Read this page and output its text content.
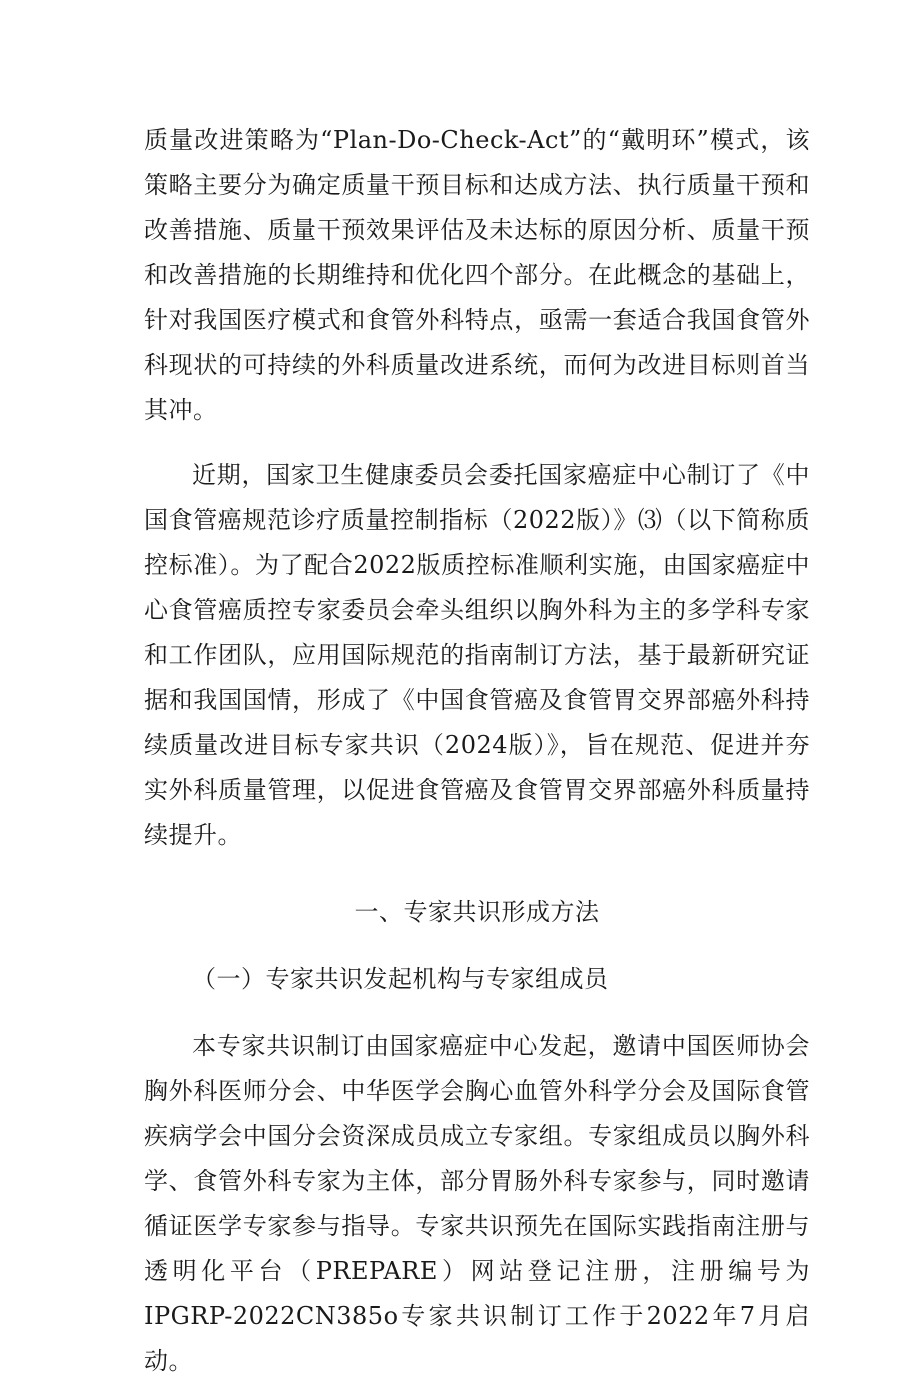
质量改进策略为“Plan-Do-Check-Act”的“戴明环”模式，该策略主要分为确定质量干预目标和达成方法、执行质量干预和改善措施、质量干预效果评估及未达标的原因分析、质量干预和改善措施的长期维持和优化四个部分。在此概念的基础上，针对我国医疗模式和食管外科特点，亟需一套适合我国食管外科现状的可持续的外科质量改进系统，而何为改进目标则首当其冲。

近期，国家卫生健康委员会委托国家癌症中心制订了《中国食管癌规范诊疗质量控制指标（2022版）》⑶（以下简称质控标准）。为了配合2022版质控标准顺利实施，由国家癌症中心食管癌质控专家委员会牵头组织以胸外科为主的多学科专家和工作团队，应用国际规范的指南制订方法，基于最新研究证据和我国国情，形成了《中国食管癌及食管胃交界部癌外科持续质量改进目标专家共识（2024版）》，旨在规范、促进并夯实外科质量管理，以促进食管癌及食管胃交界部癌外科质量持续提升。

一、专家共识形成方法

（一）专家共识发起机构与专家组成员

本专家共识制订由国家癌症中心发起，邀请中国医师协会胸外科医师分会、中华医学会胸心血管外科学分会及国际食管疾病学会中国分会资深成员成立专家组。专家组成员以胸外科学、食管外科专家为主体，部分胃肠外科专家参与，同时邀请循证医学专家参与指导。专家共识预先在国际实践指南注册与透明化平台（PREPARE）网站登记注册，注册编号为IPGRP-2022CN385o专家共识制订工作于2022年7月启动。
